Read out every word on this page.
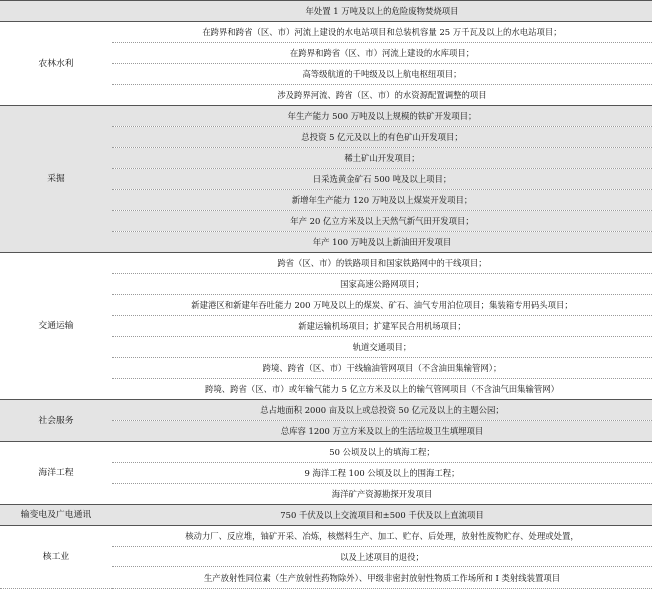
	年处置 1 万吨及以上的危险废物焚烧项目
农林水利	在跨界和跨省（区、市）河流上建设的水电站项目和总装机容量 25 万千瓦及以上的水电站项目；
	在跨界和跨省（区、市）河流上建设的水库项目；
	高等级航道的千吨级及以上航电枢纽项目；
	涉及跨界河流、跨省（区、市）的水资源配置调整的项目
采掘	年生产能力 500 万吨及以上规模的铁矿开发项目；
	总投资 5 亿元及以上的有色矿山开发项目；
	稀土矿山开发项目；
	日采选黄金矿石 500 吨及以上项目；
	新增年生产能力 120 万吨及以上煤炭开发项目；
	年产 20 亿立方米及以上天然气新气田开发项目；
	年产 100 万吨及以上新油田开发项目
交通运输	跨省（区、市）的铁路项目和国家铁路网中的干线项目；
	国家高速公路网项目；
	新建港区和新建年吞吐能力 200 万吨及以上的煤炭、矿石、油气专用泊位项目；集装箱专用码头项目；
	新建运输机场项目；扩建军民合用机场项目；
	轨道交通项目；
	跨境、跨省（区、市）干线输油管网项目（不含油田集输管网）；
	跨境、跨省（区、市）或年输气能力 5 亿立方米及以上的输气管网项目（不含油气田集输管网）
社会服务	总占地面积 2000 亩及以上或总投资 50 亿元及以上的主题公园；
	总库容 1200 万立方米及以上的生活垃圾卫生填埋项目
海洋工程	50 公顷及以上的填海工程；
	9 海洋工程 100 公顷及以上的围海工程；
	海洋矿产资源勘探开发项目
输变电及广电通讯	750 千伏及以上交流项目和±500 千伏及以上直流项目
核工业	核动力厂、反应堆，铀矿开采、冶炼，核燃料生产、加工、贮存、后处理，放射性废物贮存、处理或处置，
	以及上述项目的退役；
	生产放射性同位素（生产放射性药物除外）、甲级非密封放射性物质工作场所和 I 类射线装置项目
